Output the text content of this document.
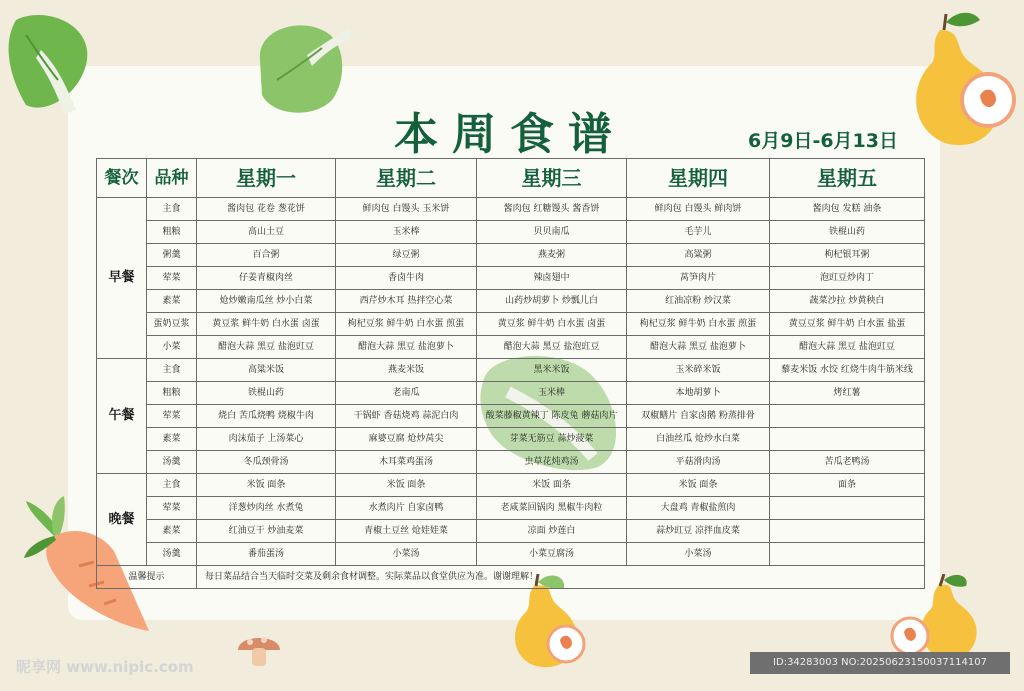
本周食谱	6月9日-6月13日
餐次	品种	星期一	星期二	星期三	星期四	星期五
早餐	主食	酱肉包 花卷 葱花饼	鲜肉包 白馒头 玉米饼	酱肉包 红糖馒头 酱香饼	鲜肉包 白馒头 鲜肉饼	酱肉包 发糕 油条
	粗粮	高山土豆	玉米棒	贝贝南瓜	毛芋儿	铁棍山药
	粥羹	百合粥	绿豆粥	燕麦粥	高粱粥	枸杞银耳粥
	荤菜	仔姜青椒肉丝	香卤牛肉	辣卤翅中	莴笋肉片	泡豇豆炒肉丁
	素菜	炝炒嫩南瓜丝 炒小白菜	西芹炒木耳 热拌空心菜	山药炒胡萝卜 炒瓢儿白	红油凉粉 炒汉菜	蔬菜沙拉 炒黄秧白
	蛋奶豆浆	黄豆浆 鲜牛奶 白水蛋 卤蛋	枸杞豆浆 鲜牛奶 白水蛋 煎蛋	黄豆浆 鲜牛奶 白水蛋 卤蛋	枸杞豆浆 鲜牛奶 白水蛋 煎蛋	黄豆豆浆 鲜牛奶 白水蛋 盐蛋
	小菜	醋泡大蒜 黑豆 盐泡豇豆	醋泡大蒜 黑豆 盐泡萝卜	醋泡大蒜 黑豆 盐泡豇豆	醋泡大蒜 黑豆 盐泡萝卜	醋泡大蒜 黑豆 盐泡豇豆
午餐	主食	高粱米饭	燕麦米饭	黑米米饭	玉米碎米饭	藜麦米饭 水饺 红烧牛肉牛筋米线
	粗粮	铁棍山药	老南瓜	玉米棒	本地胡萝卜	烤红薯
	荤菜	烧白 苦瓜烧鸭 烧椒牛肉	干锅虾 香菇烧鸡 蒜泥白肉	酸菜藤椒黄辣丁 陈皮兔 蘑菇肉片	双椒鳝片 自家卤鹅 粉蒸排骨	
	素菜	肉沫茄子 上汤菜心	麻婆豆腐 炝炒莴尖	芽菜无筋豆 蒜炒菠菜	白油丝瓜 炝炒水白菜	
	汤羹	冬瓜颈骨汤	木耳菜鸡蛋汤	虫草花炖鸡汤	平菇滑肉汤	苦瓜老鸭汤
晚餐	主食	米饭 面条	米饭 面条	米饭 面条	米饭 面条	面条
	荤菜	洋葱炒肉丝 水煮兔	水煮肉片 自家卤鸭	老咸菜回锅肉 黑椒牛肉粒	大盘鸡 青椒盐煎肉	
	素菜	红油豆干 炒油麦菜	青椒土豆丝 炝娃娃菜	凉面 炒莲白	蒜炒豇豆 凉拌血皮菜	
	汤羹	番茄蛋汤	小菜汤	小菜豆腐汤	小菜汤	
温馨提示		每日菜品结合当天临时交菜及剩余食材调整。实际菜品以食堂供应为准。谢谢理解！				
昵享网 www.nipic.com	ID:34283003 NO:20250623150037114107
